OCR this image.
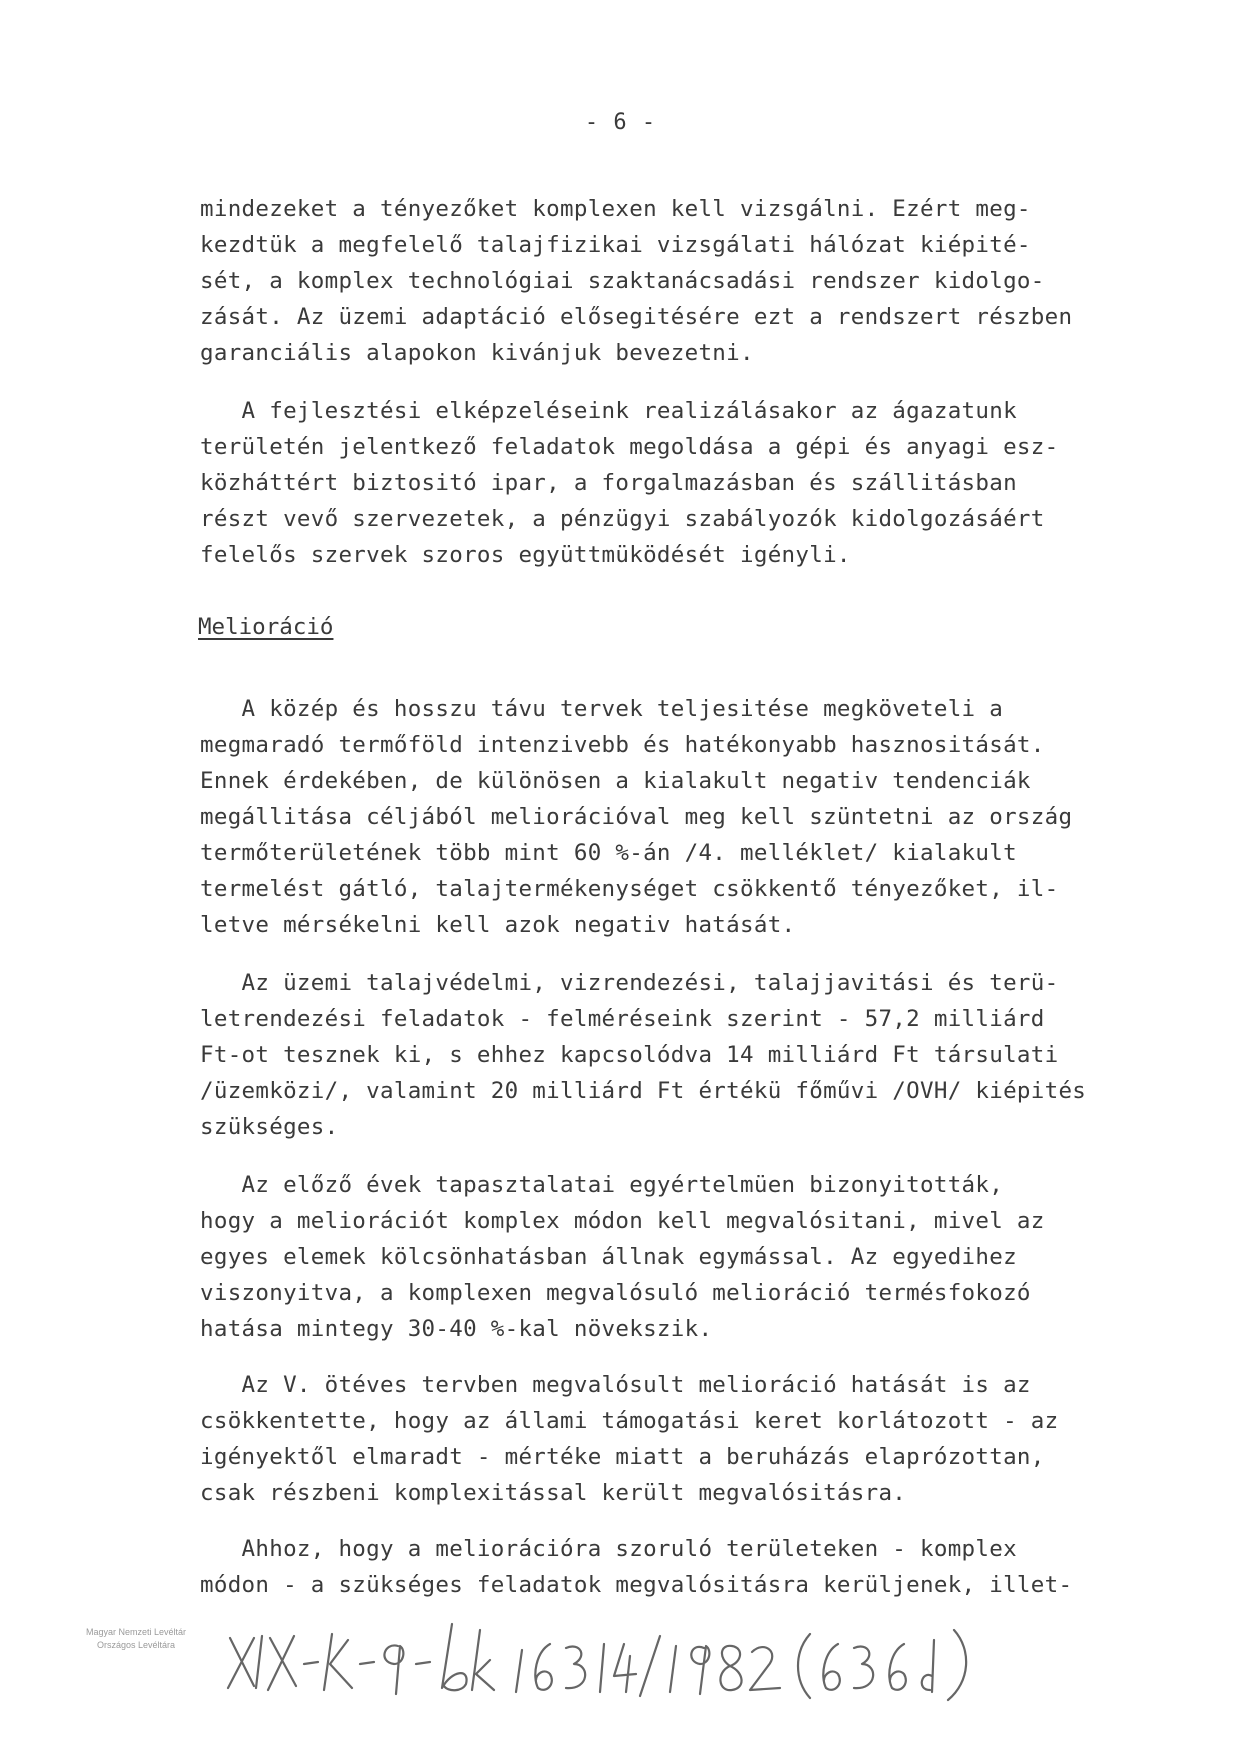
- 6 -
mindezeket a tényezőket komplexen kell vizsgálni. Ezért meg-
kezdtük a megfelelő talajfizikai vizsgálati hálózat kiépité-
sét, a komplex technológiai szaktanácsadási rendszer kidolgo-
zását. Az üzemi adaptáció elősegitésére ezt a rendszert részben
garanciális alapokon kivánjuk bevezetni.
A fejlesztési elképzeléseink realizálásakor az ágazatunk
területén jelentkező feladatok megoldása a gépi és anyagi esz-
közháttért biztositó ipar, a forgalmazásban és szállitásban
részt vevő szervezetek, a pénzügyi szabályozók kidolgozásáért
felelős szervek szoros együttmüködését igényli.
A közép és hosszu távu tervek teljesitése megköveteli a
megmaradó termőföld intenzivebb és hatékonyabb hasznositását.
Ennek érdekében, de különösen a kialakult negativ tendenciák
megállitása céljából meliorációval meg kell szüntetni az ország
termőterületének több mint 60 %-án /4. melléklet/ kialakult
termelést gátló, talajtermékenységet csökkentő tényezőket, il-
letve mérsékelni kell azok negativ hatását.
Az üzemi talajvédelmi, vizrendezési, talajjavitási és terü-
letrendezési feladatok - felméréseink szerint - 57,2 milliárd
Ft-ot tesznek ki, s ehhez kapcsolódva 14 milliárd Ft társulati
/üzemközi/, valamint 20 milliárd Ft értékü főművi /OVH/ kiépités
szükséges.
Az előző évek tapasztalatai egyértelmüen bizonyitották,
hogy a meliorációt komplex módon kell megvalósitani, mivel az
egyes elemek kölcsönhatásban állnak egymással. Az egyedihez
viszonyitva, a komplexen megvalósuló melioráció termésfokozó
hatása mintegy 30-40 %-kal növekszik.
Az V. ötéves tervben megvalósult melioráció hatását is az
csökkentette, hogy az állami támogatási keret korlátozott - az
igényektől elmaradt - mértéke miatt a beruházás elaprózottan,
csak részbeni komplexitással került megvalósitásra.
Ahhoz, hogy a meliorációra szoruló területeken - komplex
módon - a szükséges feladatok megvalósitásra kerüljenek, illet-
Melioráció
Magyar Nemzeti Levéltár
Országos Levéltára
